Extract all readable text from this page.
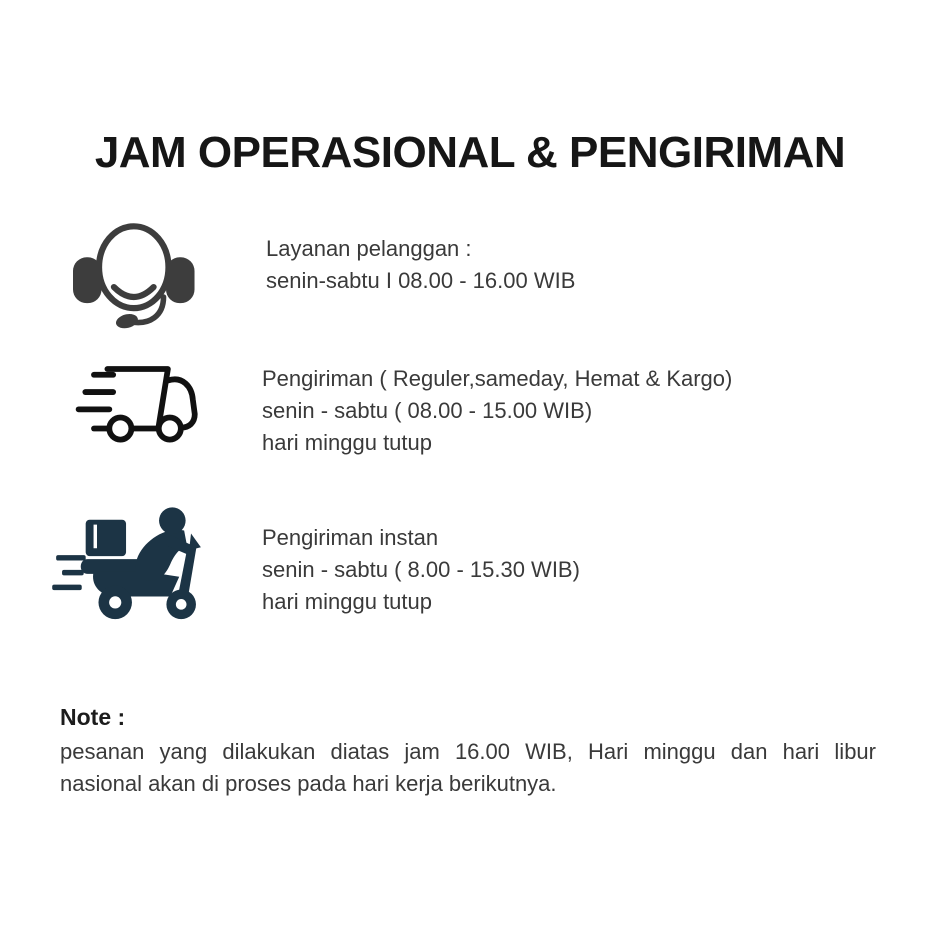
JAM OPERASIONAL & PENGIRIMAN
Layanan pelanggan :
senin-sabtu I 08.00 - 16.00 WIB
Pengiriman ( Reguler,sameday, Hemat & Kargo)
senin - sabtu ( 08.00 - 15.00 WIB)
hari minggu tutup
Pengiriman instan
senin - sabtu ( 8.00 - 15.30 WIB)
hari minggu tutup
Note :
pesanan yang dilakukan diatas jam 16.00 WIB, Hari minggu dan hari libur
nasional akan di proses pada hari kerja berikutnya.
